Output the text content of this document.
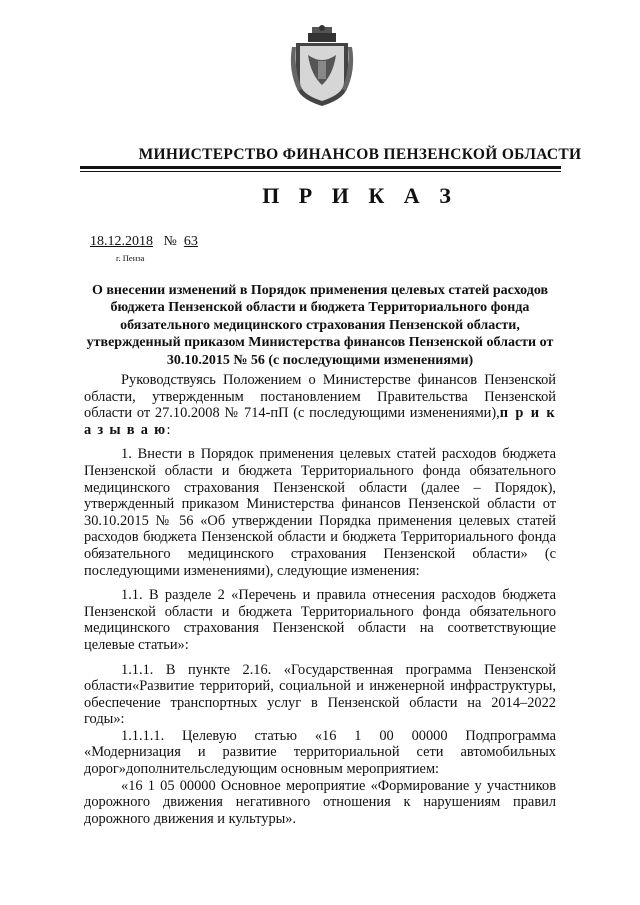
МИНИСТЕРСТВО ФИНАНСОВ ПЕНЗЕНСКОЙ ОБЛАСТИ
П Р И К А З
18.12.2018 № 63
г. Пенза
О внесении изменений в Порядок применения целевых статей расходов бюджета Пензенской области и бюджета Территориального фонда обязательного медицинского страхования Пензенской области, утвержденный приказом Министерства финансов Пензенской области от 30.10.2015 № 56 (с последующими изменениями)

Руководствуясь Положением о Министерстве финансов Пензенской области, утвержденным постановлением Правительства Пензенской области от 27.10.2008 № 714-пП (с последующими изменениями),п р и к а з ы в а ю:

1. Внести в Порядок применения целевых статей расходов бюджета Пензенской области и бюджета Территориального фонда обязательного медицинского страхования Пензенской области (далее – Порядок), утвержденный приказом Министерства финансов Пензенской области от 30.10.2015 № 56 «Об утверждении Порядка применения целевых статей расходов бюджета Пензенской области и бюджета Территориального фонда обязательного медицинского страхования Пензенской области» (с последующими изменениями), следующие изменения:

1.1. В разделе 2 «Перечень и правила отнесения расходов бюджета Пензенской области и бюджета Территориального фонда обязательного медицинского страхования Пензенской области на соответствующие целевые статьи»:

1.1.1. В пункте 2.16. «Государственная программа Пензенской области«Развитие территорий, социальной и инженерной инфраструктуры, обеспечение транспортных услуг в Пензенской области на 2014–2022 годы»:

1.1.1.1. Целевую статью «16 1 00 00000 Подпрограмма «Модернизация и развитие территориальной сети автомобильных дорог»дополнительследующим основным мероприятием:

«16 1 05 00000 Основное мероприятие «Формирование у участников дорожного движения негативного отношения к нарушениям правил дорожного движения и культуры».
